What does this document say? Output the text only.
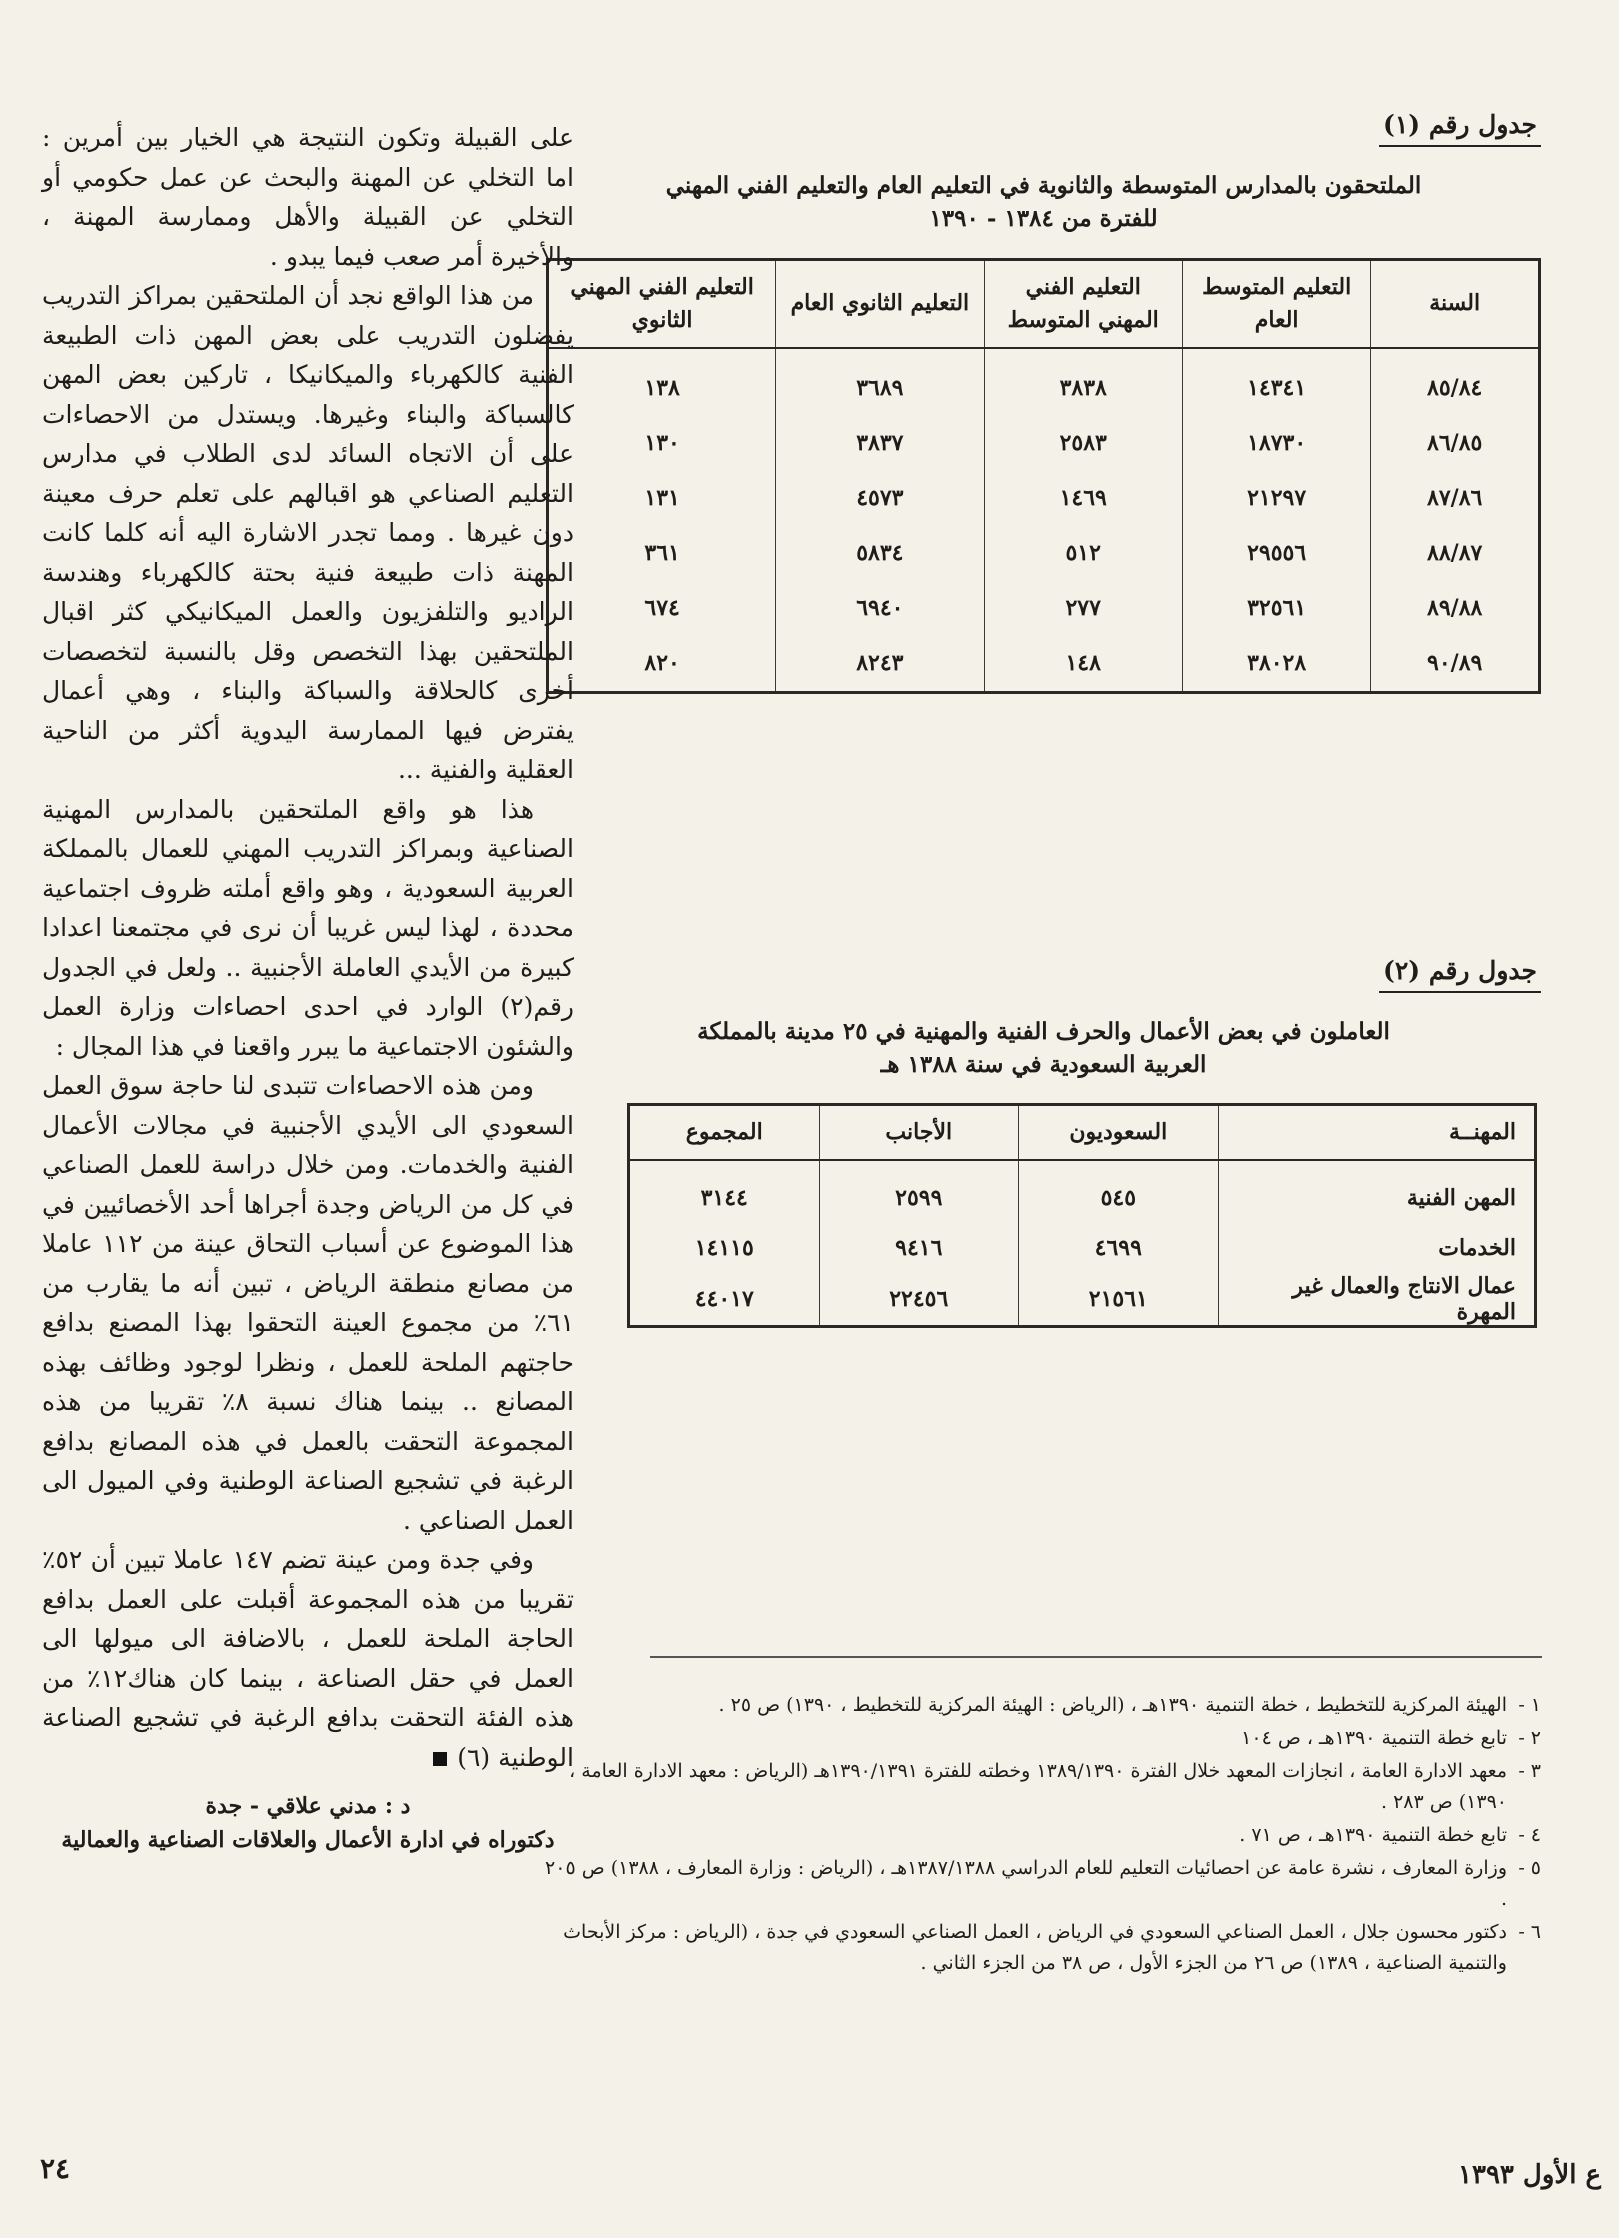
جدول رقم (١)
الملتحقون بالمدارس المتوسطة والثانوية في التعليم العام والتعليم الفني المهني
للفترة من ١٣٨٤ - ١٣٩٠
السنة	التعليم المتوسط العام	التعليم الفني المهني المتوسط	التعليم الثانوي العام	التعليم الفني المهني الثانوي
٨٥/٨٤	١٤٣٤١	٣٨٣٨	٣٦٨٩	١٣٨
٨٦/٨٥	١٨٧٣٠	٢٥٨٣	٣٨٣٧	١٣٠
٨٧/٨٦	٢١٢٩٧	١٤٦٩	٤٥٧٣	١٣١
٨٨/٨٧	٢٩٥٥٦	٥١٢	٥٨٣٤	٣٦١
٨٩/٨٨	٣٢٥٦١	٢٧٧	٦٩٤٠	٦٧٤
٩٠/٨٩	٣٨٠٢٨	١٤٨	٨٢٤٣	٨٢٠
جدول رقم (٢)
العاملون في بعض الأعمال والحرف الفنية والمهنية في ٢٥ مدينة بالمملكة
العربية السعودية في سنة ١٣٨٨ هـ
المهنــة	السعوديون	الأجانب	المجموع
المهن الفنية	٥٤٥	٢٥٩٩	٣١٤٤
الخدمات	٤٦٩٩	٩٤١٦	١٤١١٥
عمال الانتاج والعمال غير المهرة	٢١٥٦١	٢٢٤٥٦	٤٤٠١٧

على القبيلة وتكون النتيجة هي الخيار بين أمرين : اما التخلي عن المهنة والبحث عن عمل حكومي أو التخلي عن القبيلة والأهل وممارسة المهنة ، والأخيرة أمر صعب فيما يبدو .

من هذا الواقع نجد أن الملتحقين بمراكز التدريب يفضلون التدريب على بعض المهن ذات الطبيعة الفنية كالكهرباء والميكانيكا ، تاركين بعض المهن كالسباكة والبناء وغيرها. ويستدل من الاحصاءات على أن الاتجاه السائد لدى الطلاب في مدارس التعليم الصناعي هو اقبالهم على تعلم حرف معينة دون غيرها . ومما تجدر الاشارة اليه أنه كلما كانت المهنة ذات طبيعة فنية بحتة كالكهرباء وهندسة الراديو والتلفزيون والعمل الميكانيكي كثر اقبال الملتحقين بهذا التخصص وقل بالنسبة لتخصصات أخرى كالحلاقة والسباكة والبناء ، وهي أعمال يفترض فيها الممارسة اليدوية أكثر من الناحية العقلية والفنية ...

هذا هو واقع الملتحقين بالمدارس المهنية الصناعية وبمراكز التدريب المهني للعمال بالمملكة العربية السعودية ، وهو واقع أملته ظروف اجتماعية محددة ، لهذا ليس غريبا أن نرى في مجتمعنا اعدادا كبيرة من الأيدي العاملة الأجنبية .. ولعل في الجدول رقم(٢) الوارد في احدى احصاءات وزارة العمل والشئون الاجتماعية ما يبرر واقعنا في هذا المجال :

ومن هذه الاحصاءات تتبدى لنا حاجة سوق العمل السعودي الى الأيدي الأجنبية في مجالات الأعمال الفنية والخدمات. ومن خلال دراسة للعمل الصناعي في كل من الرياض وجدة أجراها أحد الأخصائيين في هذا الموضوع عن أسباب التحاق عينة من ١١٢ عاملا من مصانع منطقة الرياض ، تبين أنه ما يقارب من ٦١٪ من مجموع العينة التحقوا بهذا المصنع بدافع حاجتهم الملحة للعمل ، ونظرا لوجود وظائف بهذه المصانع .. بينما هناك نسبة ٨٪ تقريبا من هذه المجموعة التحقت بالعمل في هذه المصانع بدافع الرغبة في تشجيع الصناعة الوطنية وفي الميول الى العمل الصناعي .

وفي جدة ومن عينة تضم ١٤٧ عاملا تبين أن ٥٢٪ تقريبا من هذه المجموعة أقبلت على العمل بدافع الحاجة الملحة للعمل ، بالاضافة الى ميولها الى العمل في حقل الصناعة ، بينما كان هناك١٢٪ من هذه الفئة التحقت بدافع الرغبة في تشجيع الصناعة الوطنية (٦)

د : مدني علاقي - جدة
دكتوراه في ادارة الأعمال والعلاقات الصناعية والعمالية
١ -
الهيئة المركزية للتخطيط ، خطة التنمية ١٣٩٠هـ ، (الرياض : الهيئة المركزية للتخطيط ، ١٣٩٠) ص ٢٥ .
٢ -
تابع خطة التنمية ١٣٩٠هـ ، ص ١٠٤
٣ -
معهد الادارة العامة ، انجازات المعهد خلال الفترة ١٣٨٩/١٣٩٠ وخطته للفترة ١٣٩٠/١٣٩١هـ (الرياض : معهد الادارة العامة ، ١٣٩٠) ص ٢٨٣ .
٤ -
تابع خطة التنمية ١٣٩٠هـ ، ص ٧١ .
٥ -
وزارة المعارف ، نشرة عامة عن احصائيات التعليم للعام الدراسي ١٣٨٧/١٣٨٨هـ ، (الرياض : وزارة المعارف ، ١٣٨٨) ص ٢٠٥ .
٦ -
دكتور محسون جلال ، العمل الصناعي السعودي في الرياض ، العمل الصناعي السعودي في جدة ، (الرياض : مركز الأبحاث والتنمية الصناعية ، ١٣٨٩) ص ٢٦ من الجزء الأول ، ص ٣٨ من الجزء الثاني .
٢٤	ع الأول ١٣٩٣
